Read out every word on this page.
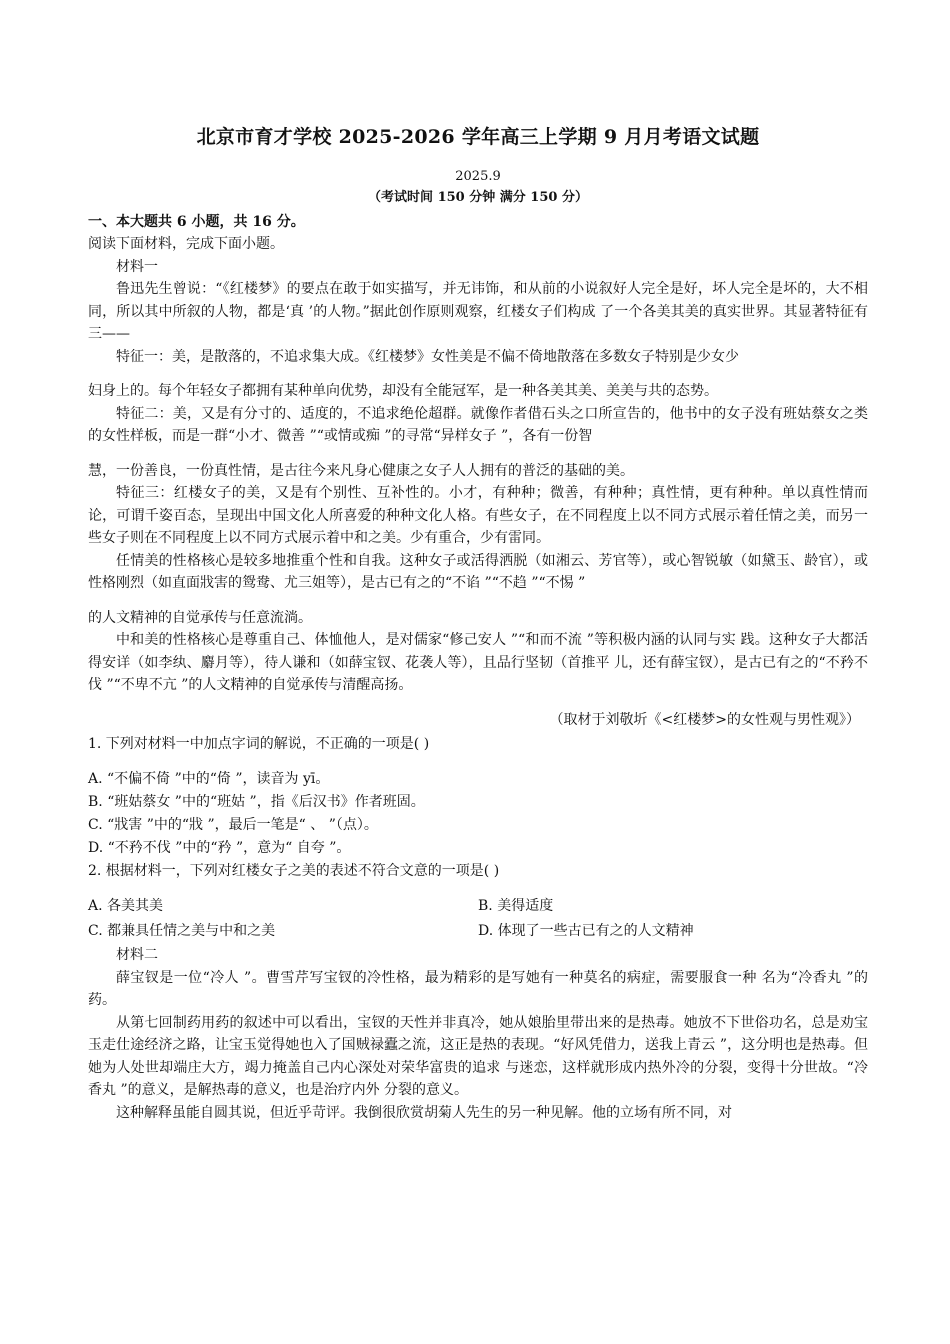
北京市育才学校 2025-2026 学年高三上学期 9 月月考语文试题
2025.9
（考试时间 150 分钟 满分 150 分）
一、本大题共 6 小题，共 16 分。

阅读下面材料，完成下面小题。

材料一

鲁迅先生曾说：“《红楼梦》的要点在敢于如实描写，并无讳饰，和从前的小说叙好人完全是好，坏人完全是坏的，大不相同，所以其中所叙的人物，都是‘真 ’的人物。”据此创作原则观察，红楼女子们构成 了一个各美其美的真实世界。其显著特征有三——

特征一：美，是散落的，不追求集大成。《红楼梦》女性美是不偏不倚地散落在多数女子特别是少女少

妇身上的。每个年轻女子都拥有某种单向优势，却没有全能冠军，是一种各美其美、美美与共的态势。

特征二：美，又是有分寸的、适度的，不追求绝伦超群。就像作者借石头之口所宣告的，他书中的女子没有班姑蔡女之类的女性样板，而是一群“小才、微善 ”“或情或痴 ”的寻常“异样女子 ”，各有一份智

慧，一份善良，一份真性情，是古往今来凡身心健康之女子人人拥有的普泛的基础的美。

特征三：红楼女子的美，又是有个别性、互补性的。小才，有种种；微善，有种种；真性情，更有种种。单以真性情而论，可谓千姿百态，呈现出中国文化人所喜爱的种种文化人格。有些女子，在不同程度上以不同方式展示着任情之美，而另一些女子则在不同程度上以不同方式展示着中和之美。少有重合，少有雷同。

任情美的性格核心是较多地推重个性和自我。这种女子或活得洒脱（如湘云、芳官等），或心智锐敏（如黛玉、龄官），或性格刚烈（如直面戕害的鸳鸯、尤三姐等），是古已有之的“不谄 ”“不趋 ”“不惕 ”

的人文精神的自觉承传与任意流淌。

中和美的性格核心是尊重自己、体恤他人，是对儒家“修己安人 ”“和而不流 ”等积极内涵的认同与实 践。这种女子大都活得安详（如李纨、麝月等），待人谦和（如薛宝钗、花袭人等），且品行坚韧（首推平 儿，还有薛宝钗），是古已有之的“不矜不伐 ”“不卑不亢 ”的人文精神的自觉承传与清醒高扬。

（取材于刘敬圻《<红楼梦>的女性观与男性观》）

1. 下列对材料一中加点字词的解说，不正确的一项是( )

A. “不偏不倚 ”中的“倚 ”，读音为 yī。
B. “班姑蔡女 ”中的“班姑 ”，指《后汉书》作者班固。
C. “戕害 ”中的“戕 ”，最后一笔是“ 、 ”（点）。
D. “不矜不伐 ”中的“矜 ”，意为“ 自夸 ”。

2. 根据材料一，下列对红楼女子之美的表述不符合文意的一项是( )

A. 各美其美	B. 美得适度
C. 都兼具任情之美与中和之美	D. 体现了一些古已有之的人文精神

材料二

薛宝钗是一位“冷人 ”。曹雪芹写宝钗的冷性格，最为精彩的是写她有一种莫名的病症，需要服食一种 名为“冷香丸 ”的药。

从第七回制药用药的叙述中可以看出，宝钗的天性并非真冷，她从娘胎里带出来的是热毒。她放不下世俗功名，总是劝宝玉走仕途经济之路，让宝玉觉得她也入了国贼禄蠹之流，这正是热的表现。“好风凭借力，送我上青云 ”，这分明也是热毒。但她为人处世却端庄大方，竭力掩盖自己内心深处对荣华富贵的追求 与迷恋，这样就形成内热外冷的分裂，变得十分世故。“冷香丸 ”的意义，是解热毒的意义，也是治疗内外 分裂的意义。

这种解释虽能自圆其说，但近乎苛评。我倒很欣赏胡菊人先生的另一种见解。他的立场有所不同，对
